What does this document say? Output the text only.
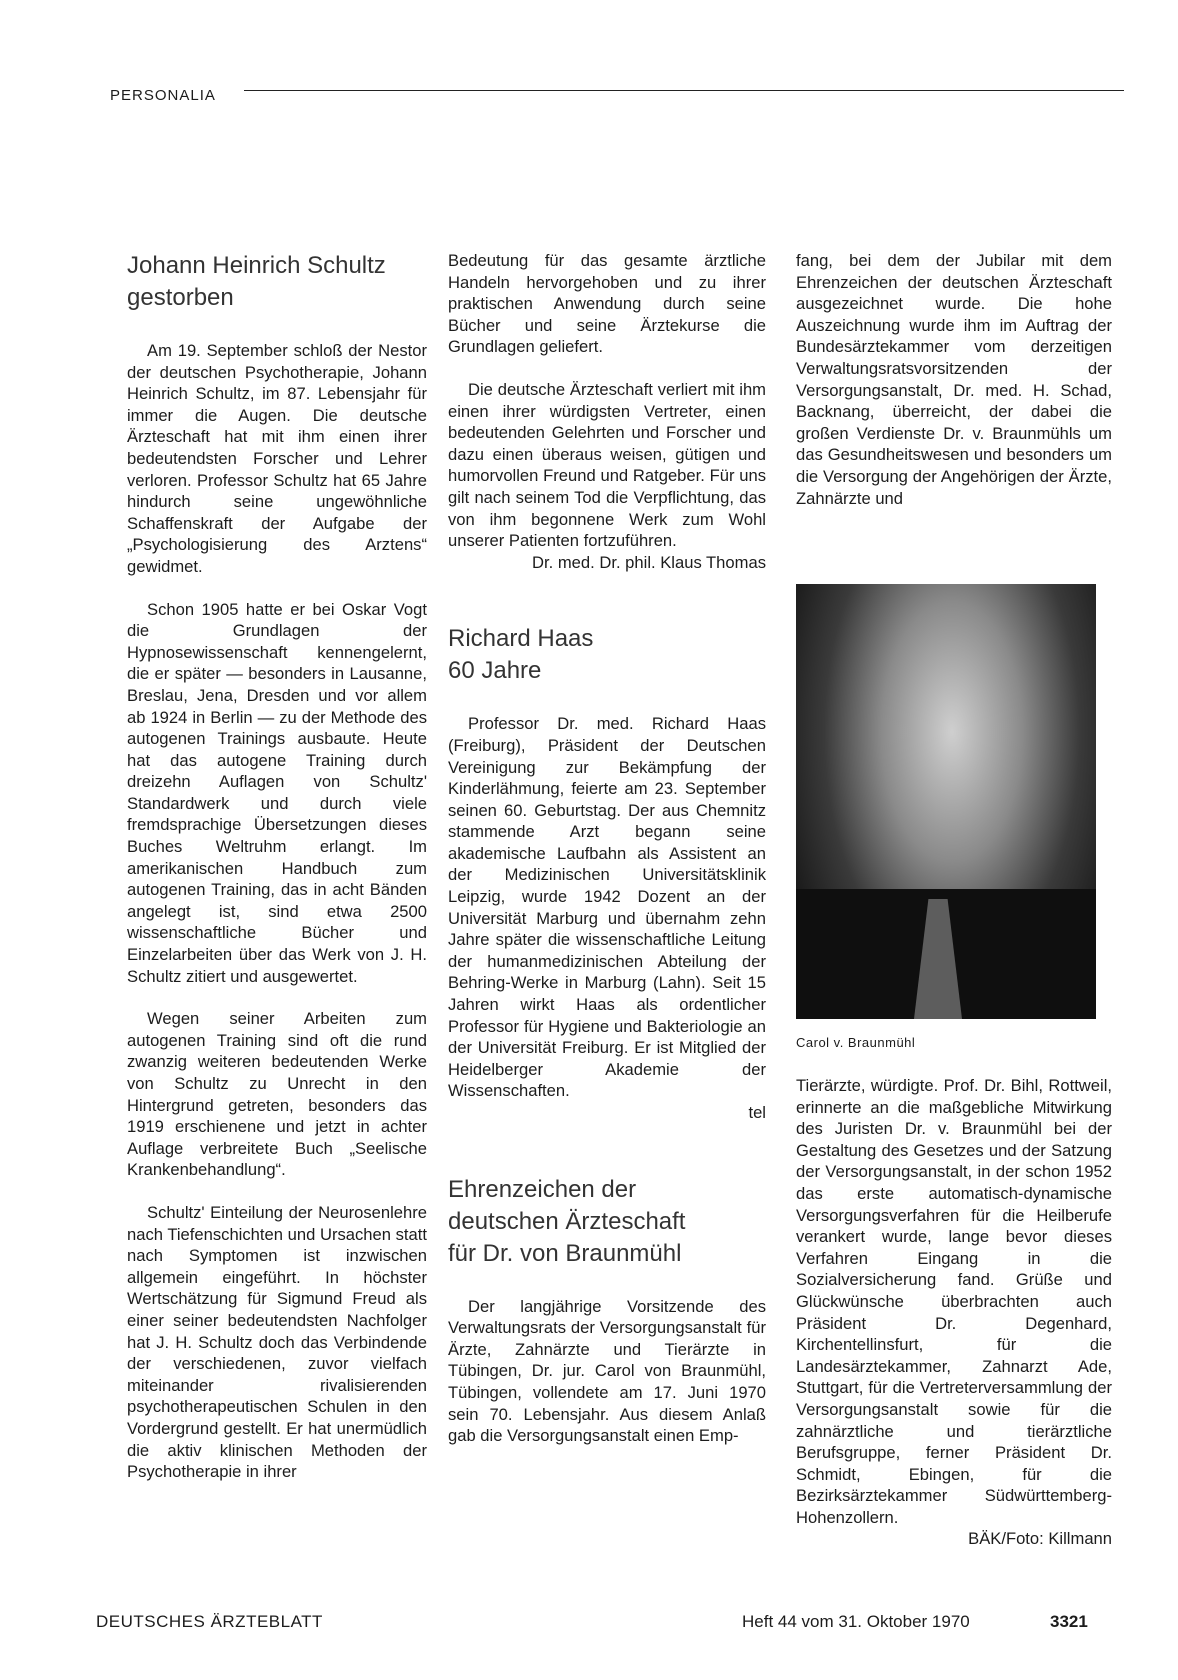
PERSONALIA
Johann Heinrich Schultz
gestorben

Am 19. September schloß der Nestor der deutschen Psychotherapie, Johann Heinrich Schultz, im 87. Lebensjahr für immer die Augen. Die deutsche Ärzteschaft hat mit ihm einen ihrer bedeutendsten Forscher und Lehrer verloren. Professor Schultz hat 65 Jahre hindurch seine ungewöhnliche Schaffenskraft der Aufgabe der „Psychologisierung des Arztens“ gewidmet.

Schon 1905 hatte er bei Oskar Vogt die Grundlagen der Hypnosewissenschaft kennengelernt, die er später — besonders in Lausanne, Breslau, Jena, Dresden und vor allem ab 1924 in Berlin — zu der Methode des autogenen Trainings ausbaute. Heute hat das autogene Training durch dreizehn Auflagen von Schultz' Standardwerk und durch viele fremdsprachige Übersetzungen dieses Buches Weltruhm erlangt. Im amerikanischen Handbuch zum autogenen Training, das in acht Bänden angelegt ist, sind etwa 2500 wissenschaftliche Bücher und Einzelarbeiten über das Werk von J. H. Schultz zitiert und ausgewertet.

Wegen seiner Arbeiten zum autogenen Training sind oft die rund zwanzig weiteren bedeutenden Werke von Schultz zu Unrecht in den Hintergrund getreten, besonders das 1919 erschienene und jetzt in achter Auflage verbreitete Buch „Seelische Krankenbehandlung“.

Schultz' Einteilung der Neurosenlehre nach Tiefenschichten und Ursachen statt nach Symptomen ist inzwischen allgemein eingeführt. In höchster Wertschätzung für Sigmund Freud als einer seiner bedeutendsten Nachfolger hat J. H. Schultz doch das Verbindende der verschiedenen, zuvor vielfach miteinander rivalisierenden psychotherapeutischen Schulen in den Vordergrund gestellt. Er hat unermüdlich die aktiv klinischen Methoden der Psychotherapie in ihrer

Bedeutung für das gesamte ärztliche Handeln hervorgehoben und zu ihrer praktischen Anwendung durch seine Bücher und seine Ärztekurse die Grundlagen geliefert.

Die deutsche Ärzteschaft verliert mit ihm einen ihrer würdigsten Vertreter, einen bedeutenden Gelehrten und Forscher und dazu einen überaus weisen, gütigen und humorvollen Freund und Ratgeber. Für uns gilt nach seinem Tod die Verpflichtung, das von ihm begonnene Werk zum Wohl unserer Patienten fortzuführen.

Dr. med. Dr. phil. Klaus Thomas

Richard Haas
60 Jahre

Professor Dr. med. Richard Haas (Freiburg), Präsident der Deutschen Vereinigung zur Bekämpfung der Kinderlähmung, feierte am 23. September seinen 60. Geburtstag. Der aus Chemnitz stammende Arzt begann seine akademische Laufbahn als Assistent an der Medizinischen Universitätsklinik Leipzig, wurde 1942 Dozent an der Universität Marburg und übernahm zehn Jahre später die wissenschaftliche Leitung der humanmedizinischen Abteilung der Behring-Werke in Marburg (Lahn). Seit 15 Jahren wirkt Haas als ordentlicher Professor für Hygiene und Bakteriologie an der Universität Freiburg. Er ist Mitglied der Heidelberger Akademie der Wissenschaften.

tel

Ehrenzeichen der
deutschen Ärzteschaft
für Dr. von Braunmühl

Der langjährige Vorsitzende des Verwaltungsrats der Versorgungsanstalt für Ärzte, Zahnärzte und Tierärzte in Tübingen, Dr. jur. Carol von Braunmühl, Tübingen, vollendete am 17. Juni 1970 sein 70. Lebensjahr. Aus diesem Anlaß gab die Versorgungsanstalt einen Emp-

fang, bei dem der Jubilar mit dem Ehrenzeichen der deutschen Ärzteschaft ausgezeichnet wurde. Die hohe Auszeichnung wurde ihm im Auftrag der Bundesärztekammer vom derzeitigen Verwaltungsratsvorsitzenden der Versorgungsanstalt, Dr. med. H. Schad, Backnang, überreicht, der dabei die großen Verdienste Dr. v. Braunmühls um das Gesundheitswesen und besonders um die Versorgung der Angehörigen der Ärzte, Zahnärzte und

Carol v. Braunmühl

Tierärzte, würdigte. Prof. Dr. Bihl, Rottweil, erinnerte an die maßgebliche Mitwirkung des Juristen Dr. v. Braunmühl bei der Gestaltung des Gesetzes und der Satzung der Versorgungsanstalt, in der schon 1952 das erste automatisch-dynamische Versorgungsverfahren für die Heilberufe verankert wurde, lange bevor dieses Verfahren Eingang in die Sozialversicherung fand. Grüße und Glückwünsche überbrachten auch Präsident Dr. Degenhard, Kirchentellinsfurt, für die Landesärztekammer, Zahnarzt Ade, Stuttgart, für die Vertreterversammlung der Versorgungsanstalt sowie für die zahnärztliche und tierärztliche Berufsgruppe, ferner Präsident Dr. Schmidt, Ebingen, für die Bezirksärztekammer Südwürttemberg-Hohenzollern.

BÄK/Foto: Killmann

DEUTSCHES ÄRZTEBLATT	Heft 44 vom 31. Oktober 1970	3321
